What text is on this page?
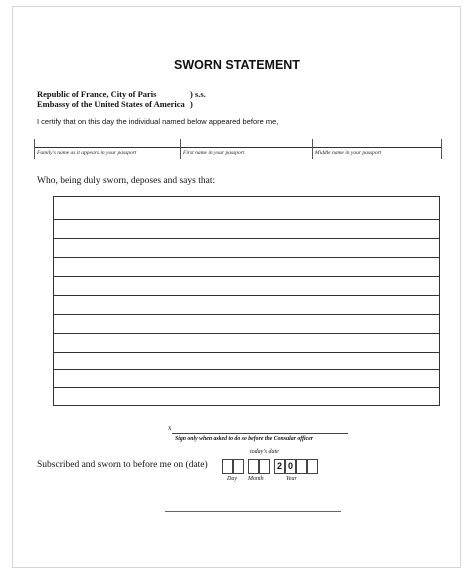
SWORN STATEMENT
Republic of France, City of Paris	) s.s.
Embassy of the United States of America )
I certify that on this day the individual named below appeared before me,
Family's name as it appears in your passport	First name in your passport	Middle name in your passport
Who, being duly sworn, deposes and says that:
x
Sign only when asked to do so before the Consular officer
Subscribed and sworn to before me on (date)
today's date
2 0
Day Month	Year
